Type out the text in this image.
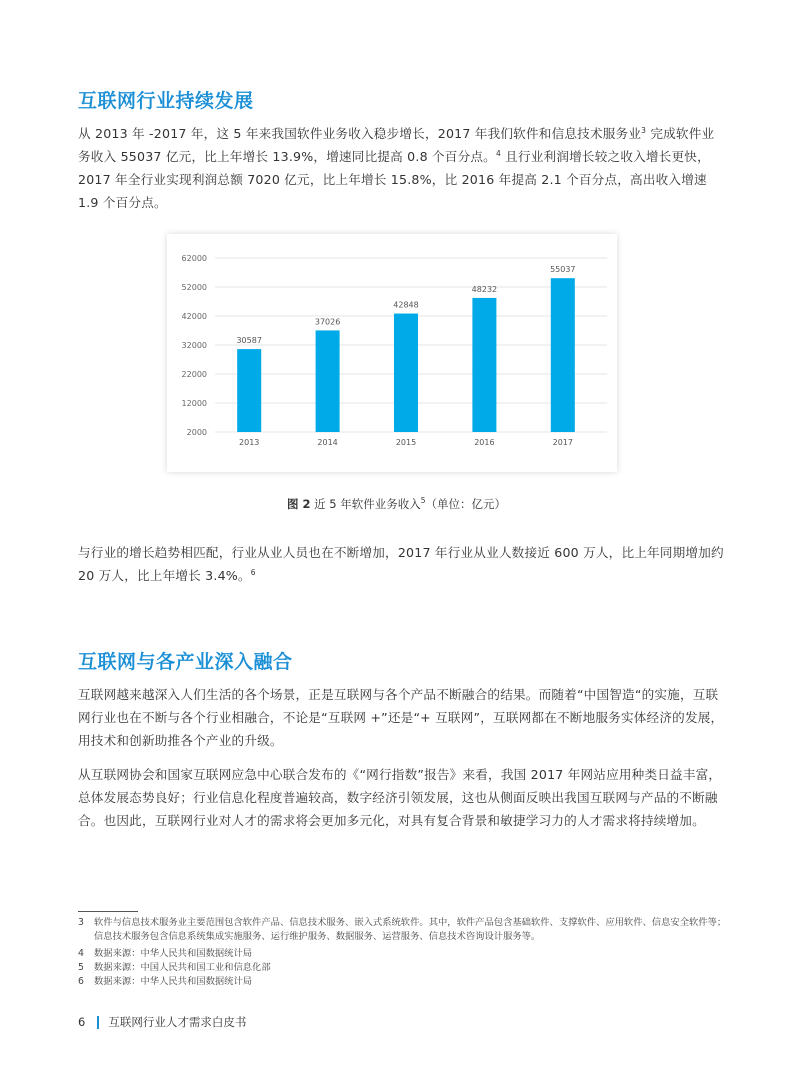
互联网行业持续发展

从 2013 年 -2017 年，这 5 年来我国软件业务收入稳步增长，2017 年我们软件和信息技术服务业$^3$ 完成软件业务收入 55037 亿元，比上年增长 13.9%，增速同比提高 0.8 个百分点。$^4$ 且行业利润增长较之收入增长更快，2017 年全行业实现利润总额 7020 亿元，比上年增长 15.8%，比 2016 年提高 2.1 个百分点，高出收入增速 1.9 个百分点。

62000
52000
42000
32000
22000
12000
2000
30587
2013
37026
2014
42848
2015
48232
2016
55037
2017

图 2 近 5 年软件业务收入$^5$（单位：亿元）

与行业的增长趋势相匹配，行业从业人员也在不断增加，2017 年行业从业人数接近 600 万人，比上年同期增加约 20 万人，比上年增长 3.4%。$^6$

互联网与各产业深入融合

互联网越来越深入人们生活的各个场景，正是互联网与各个产品不断融合的结果。而随着“中国智造“的实施，互联网行业也在不断与各个行业相融合，不论是“互联网 +”还是“+ 互联网”，互联网都在不断地服务实体经济的发展，用技术和创新助推各个产业的升级。

从互联网协会和国家互联网应急中心联合发布的《“网行指数”报告》来看，我国 2017 年网站应用种类日益丰富，总体发展态势良好；行业信息化程度普遍较高，数字经济引领发展，这也从侧面反映出我国互联网与产品的不断融合。也因此，互联网行业对人才的需求将会更加多元化，对具有复合背景和敏捷学习力的人才需求将持续增加。

3 软件与信息技术服务业主要范围包含软件产品、信息技术服务、嵌入式系统软件。其中，软件产品包含基础软件、支撑软件、应用软件、信息安全软件等；信息技术服务包含信息系统集成实施服务、运行维护服务、数据服务、运营服务、信息技术咨询设计服务等。
4 数据来源：中华人民共和国数据统计局
5 数据来源：中国人民共和国工业和信息化部
6 数据来源：中华人民共和国数据统计局
6 互联网行业人才需求白皮书
